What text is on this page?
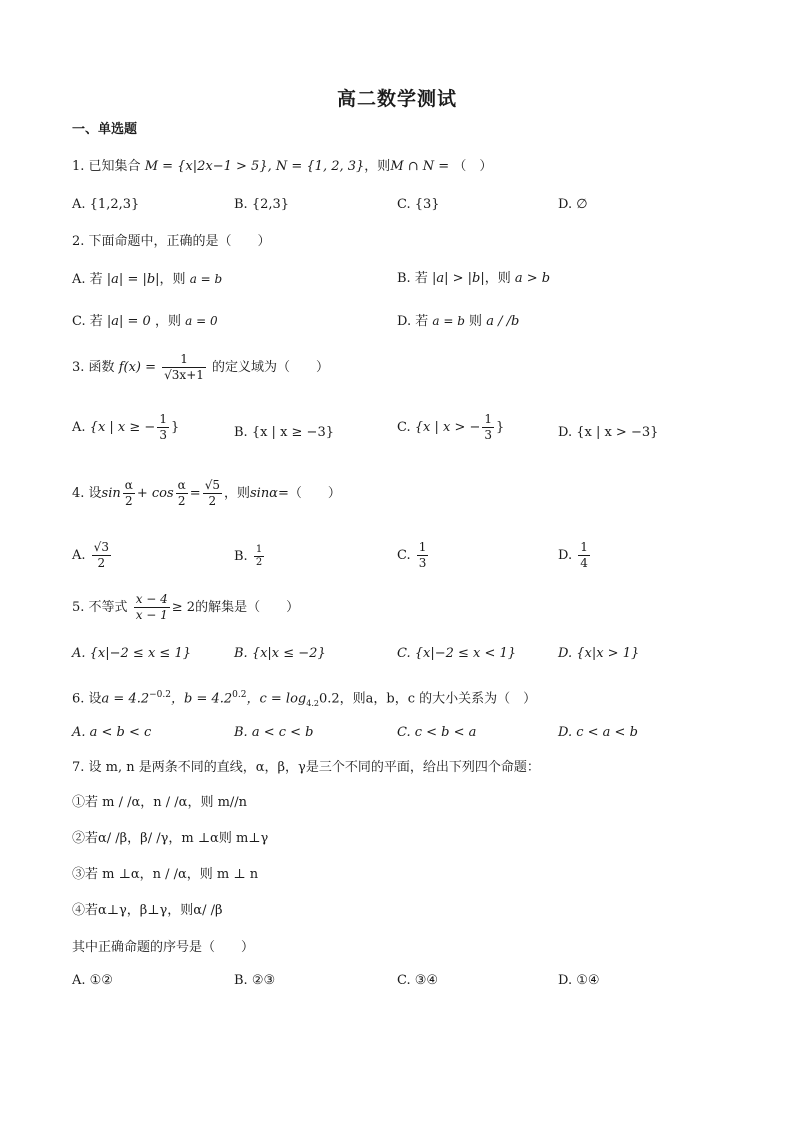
高二数学测试
一、单选题
1. 已知集合 M = {x|2x−1 > 5}, N = {1, 2, 3}，则M ∩ N = （　）
A. {1,2,3}	B. {2,3}	C. {3}	D. ∅
2. 下面命题中，正确的是（　　）
A. 若 |a| = |b|，则 a = b	B. 若 |a| > |b|，则 a > b
C. 若 |a| = 0 ，则 a = 0	D. 若 a = b 则 a / /b
3. 函数 $f(x) = \frac{1}{√3x+1}$ 的定义域为（　　）
A. {x | x ≥ − $\frac{1}{3}$ }	B. {x | x ≥ −3}	C. {x | x > − $\frac{1}{3}$ }	D. {x | x > −3}
4. 设$\sin \frac{\alpha}{2} + \cos \frac{\alpha}{2} = \frac{√5}{2}$ ，则sinα=（　　）
A. $\frac{√3}{2}$	B. $\frac{1}{2}$	C. $\frac{1}{3}$	D. $\frac{1}{4}$
5. 不等式 $\frac{x - 4}{x - 1} \ge 2$的解集是（　　）
A. {x|−2 ≤ x ≤ 1}	B. {x|x ≤ −2}	C. {x|−2 ≤ x < 1}	D. {x|x > 1}
6. 设$a = 4.2^{-0.2}$，$b = 4.2^{0.2}$，$c = \log_{4.2}0.2$，则a，b，c 的大小关系为（　）
A. a < b < c	B. a < c < b	C. c < b < a	D. c < a < b
7. 设 m, n 是两条不同的直线，α，β，γ是三个不同的平面，给出下列四个命题：
①若 m / /α，n / /α，则 m//n
②若α/ /β，β/ /γ，m ⊥α则 m⊥γ
③若 m ⊥α，n / /α，则 m ⊥ n
④若α⊥γ，β⊥γ，则α/ /β
其中正确命题的序号是（　　）
A. ①②	B. ②③	C. ③④	D. ①④
